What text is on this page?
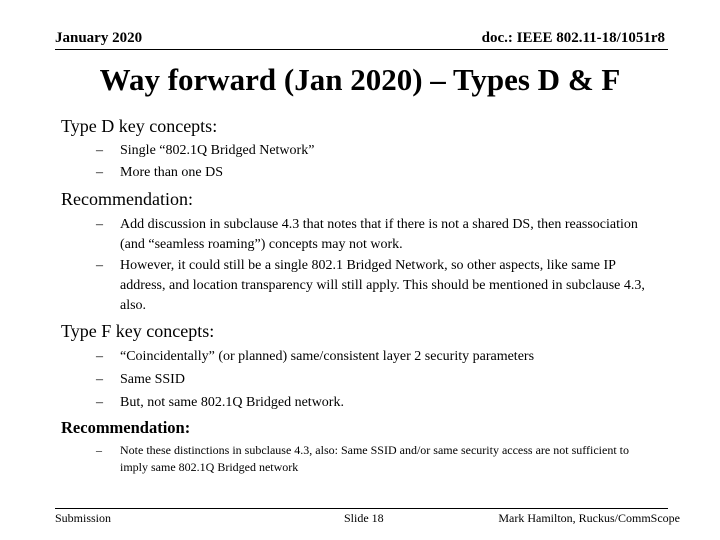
January 2020	doc.: IEEE 802.11-18/1051r8
Way forward (Jan 2020) – Types D & F
Type D key concepts:
– Single “802.1Q Bridged Network”
– More than one DS
Recommendation:
– Add discussion in subclause 4.3 that notes that if there is not a shared DS, then reassociation (and “seamless roaming”) concepts may not work.
– However, it could still be a single 802.1 Bridged Network, so other aspects, like same IP address, and location transparency will still apply. This should be mentioned in subclause 4.3, also.
Type F key concepts:
– “Coincidentally” (or planned) same/consistent layer 2 security parameters
– Same SSID
– But, not same 802.1Q Bridged network.
Recommendation:
– Note these distinctions in subclause 4.3, also: Same SSID and/or same security access are not sufficient to imply same 802.1Q Bridged network
Submission	Slide 18	Mark Hamilton, Ruckus/CommScope
